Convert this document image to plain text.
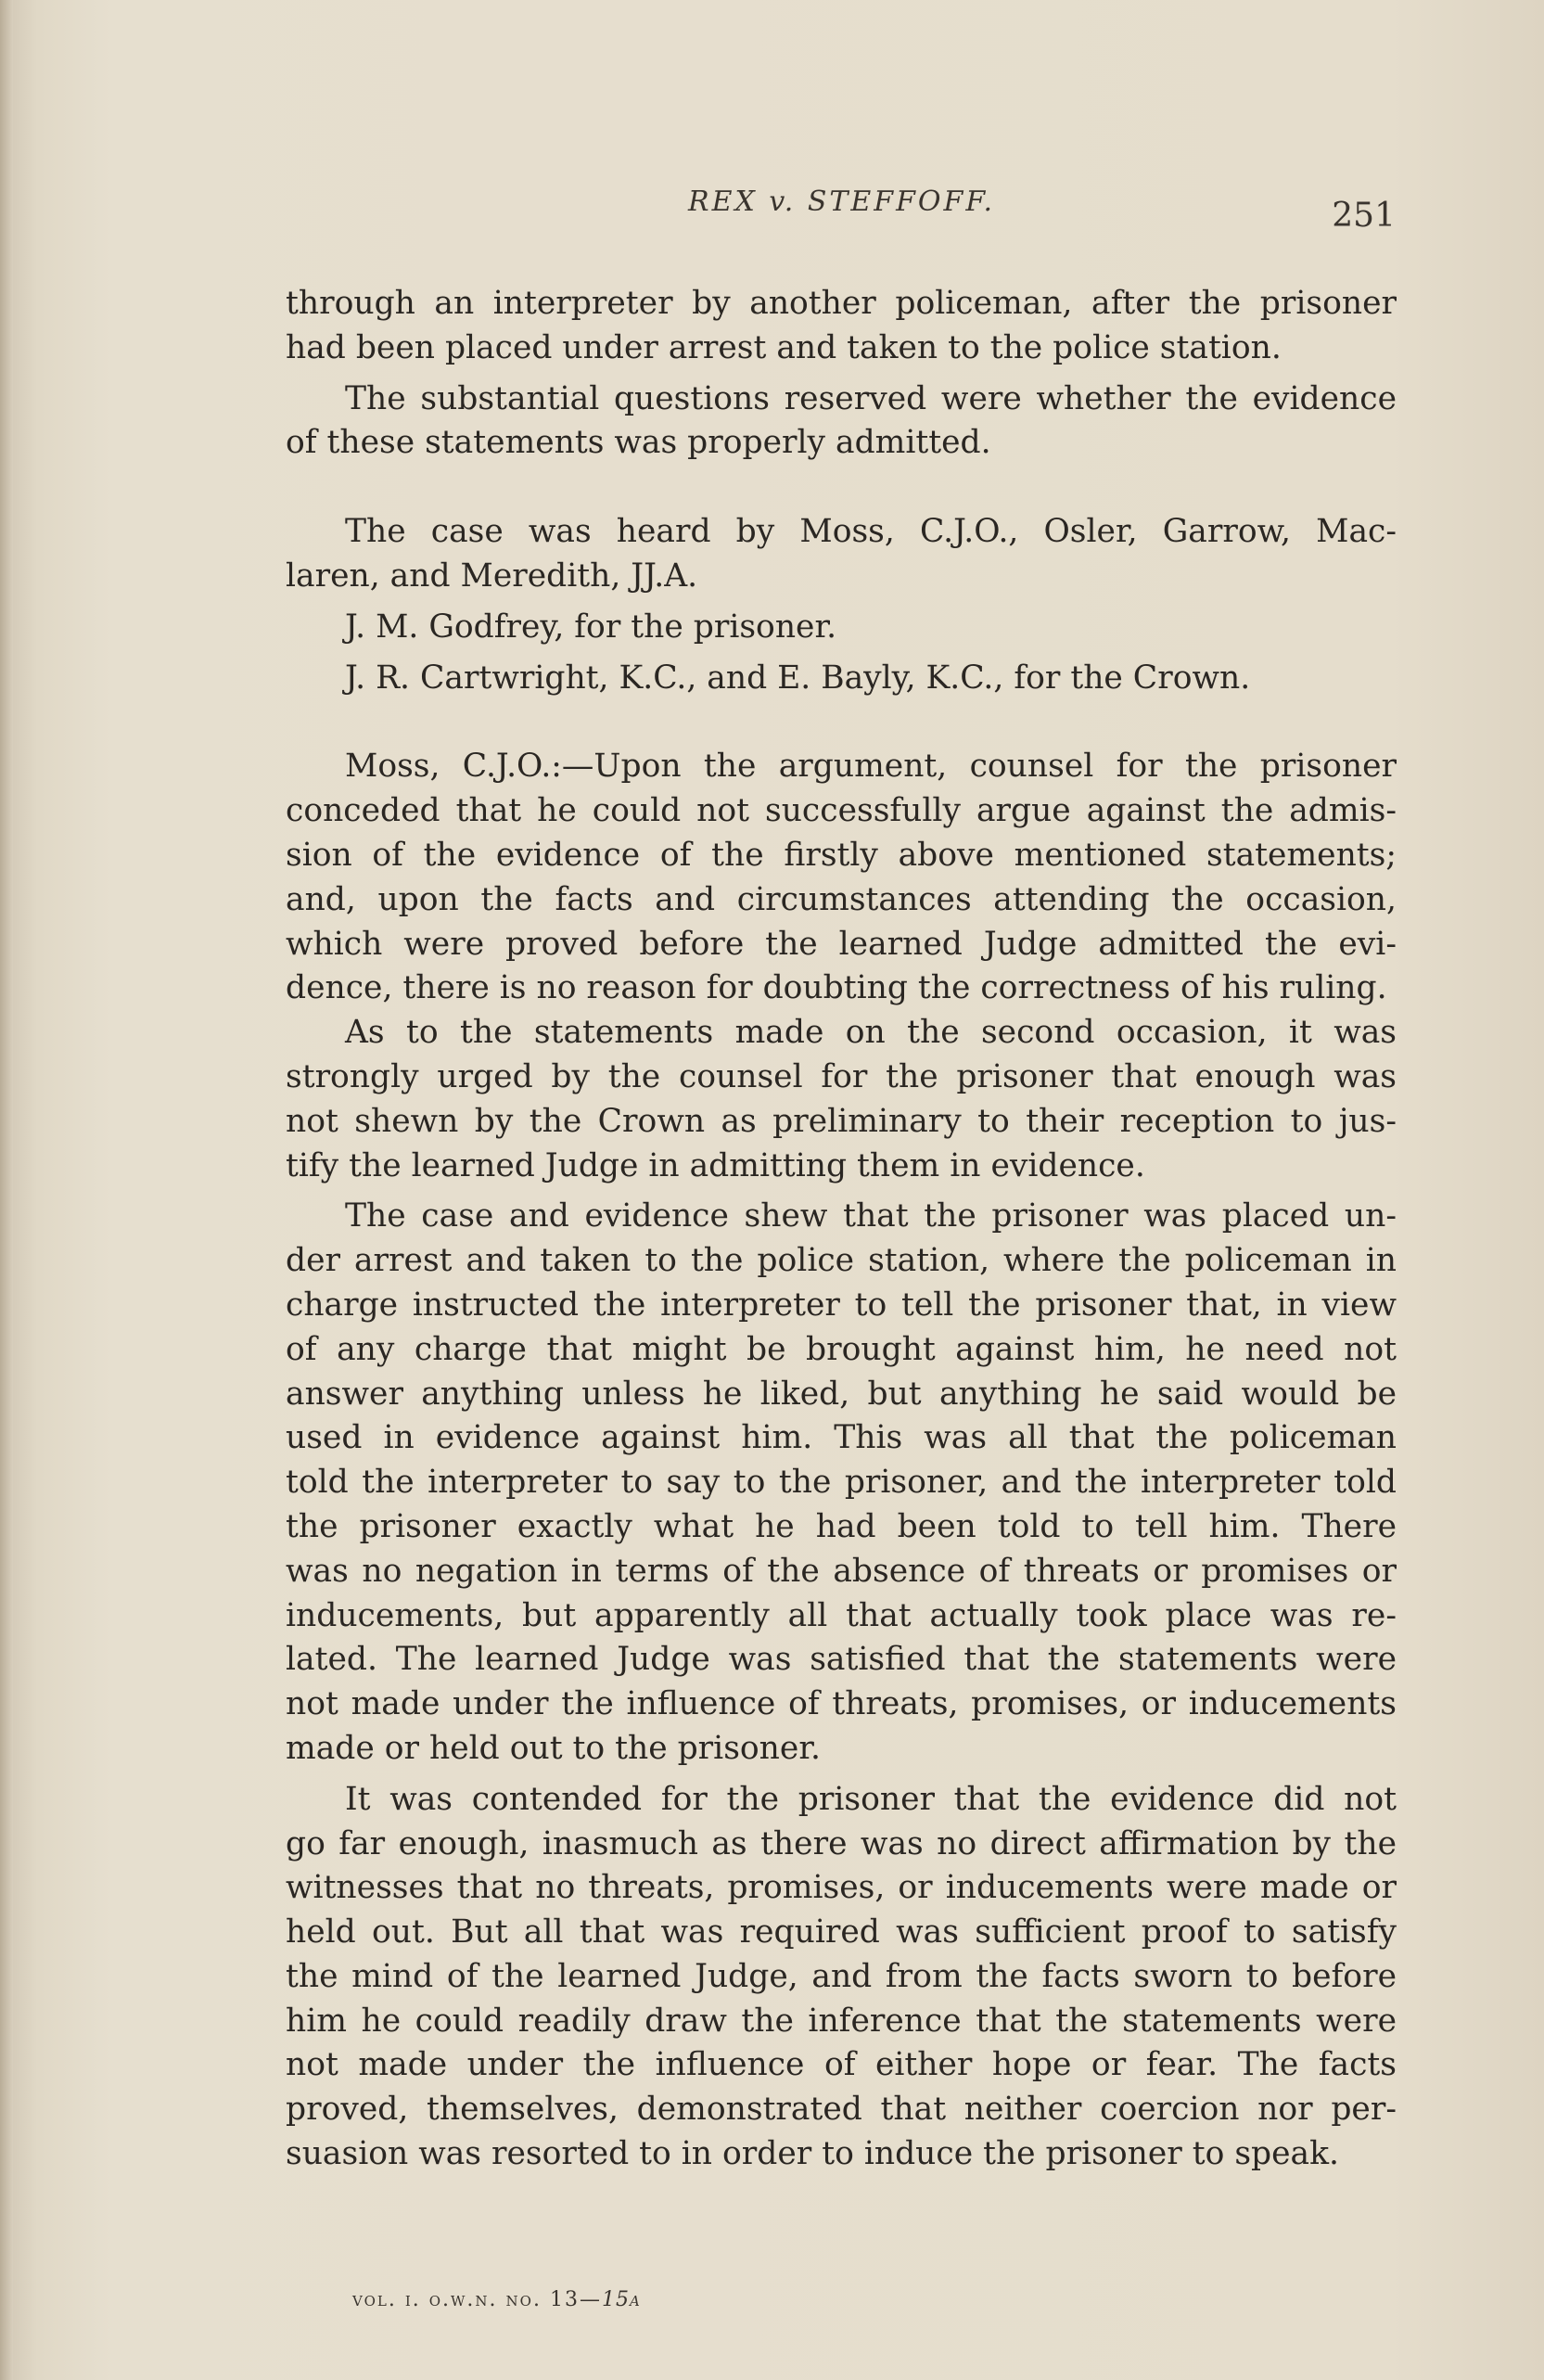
REX v. STEFFOFF.	251

through an interpreter by another policeman, after the prisoner
had been placed under arrest and taken to the police station.

The substantial questions reserved were whether the evidence
of these statements was properly admitted.

The case was heard by Moss, C.J.O., Osler, Garrow, Mac-
laren, and Meredith, JJ.A.

J. M. Godfrey, for the prisoner.

J. R. Cartwright, K.C., and E. Bayly, K.C., for the Crown.

Moss, C.J.O.:—Upon the argument, counsel for the prisoner
conceded that he could not successfully argue against the admis-
sion of the evidence of the firstly above mentioned statements;
and, upon the facts and circumstances attending the occasion,
which were proved before the learned Judge admitted the evi-
dence, there is no reason for doubting the correctness of his ruling.

As to the statements made on the second occasion, it was
strongly urged by the counsel for the prisoner that enough was
not shewn by the Crown as preliminary to their reception to jus-
tify the learned Judge in admitting them in evidence.

The case and evidence shew that the prisoner was placed un-
der arrest and taken to the police station, where the policeman in
charge instructed the interpreter to tell the prisoner that, in view
of any charge that might be brought against him, he need not
answer anything unless he liked, but anything he said would be
used in evidence against him. This was all that the policeman
told the interpreter to say to the prisoner, and the interpreter told
the prisoner exactly what he had been told to tell him. There
was no negation in terms of the absence of threats or promises or
inducements, but apparently all that actually took place was re-
lated. The learned Judge was satisfied that the statements were
not made under the influence of threats, promises, or inducements
made or held out to the prisoner.

It was contended for the prisoner that the evidence did not
go far enough, inasmuch as there was no direct affirmation by the
witnesses that no threats, promises, or inducements were made or
held out. But all that was required was sufficient proof to satisfy
the mind of the learned Judge, and from the facts sworn to before
him he could readily draw the inference that the statements were
not made under the influence of either hope or fear. The facts
proved, themselves, demonstrated that neither coercion nor per-
suasion was resorted to in order to induce the prisoner to speak.

vol. i. o.w.n. no. 13—15a
